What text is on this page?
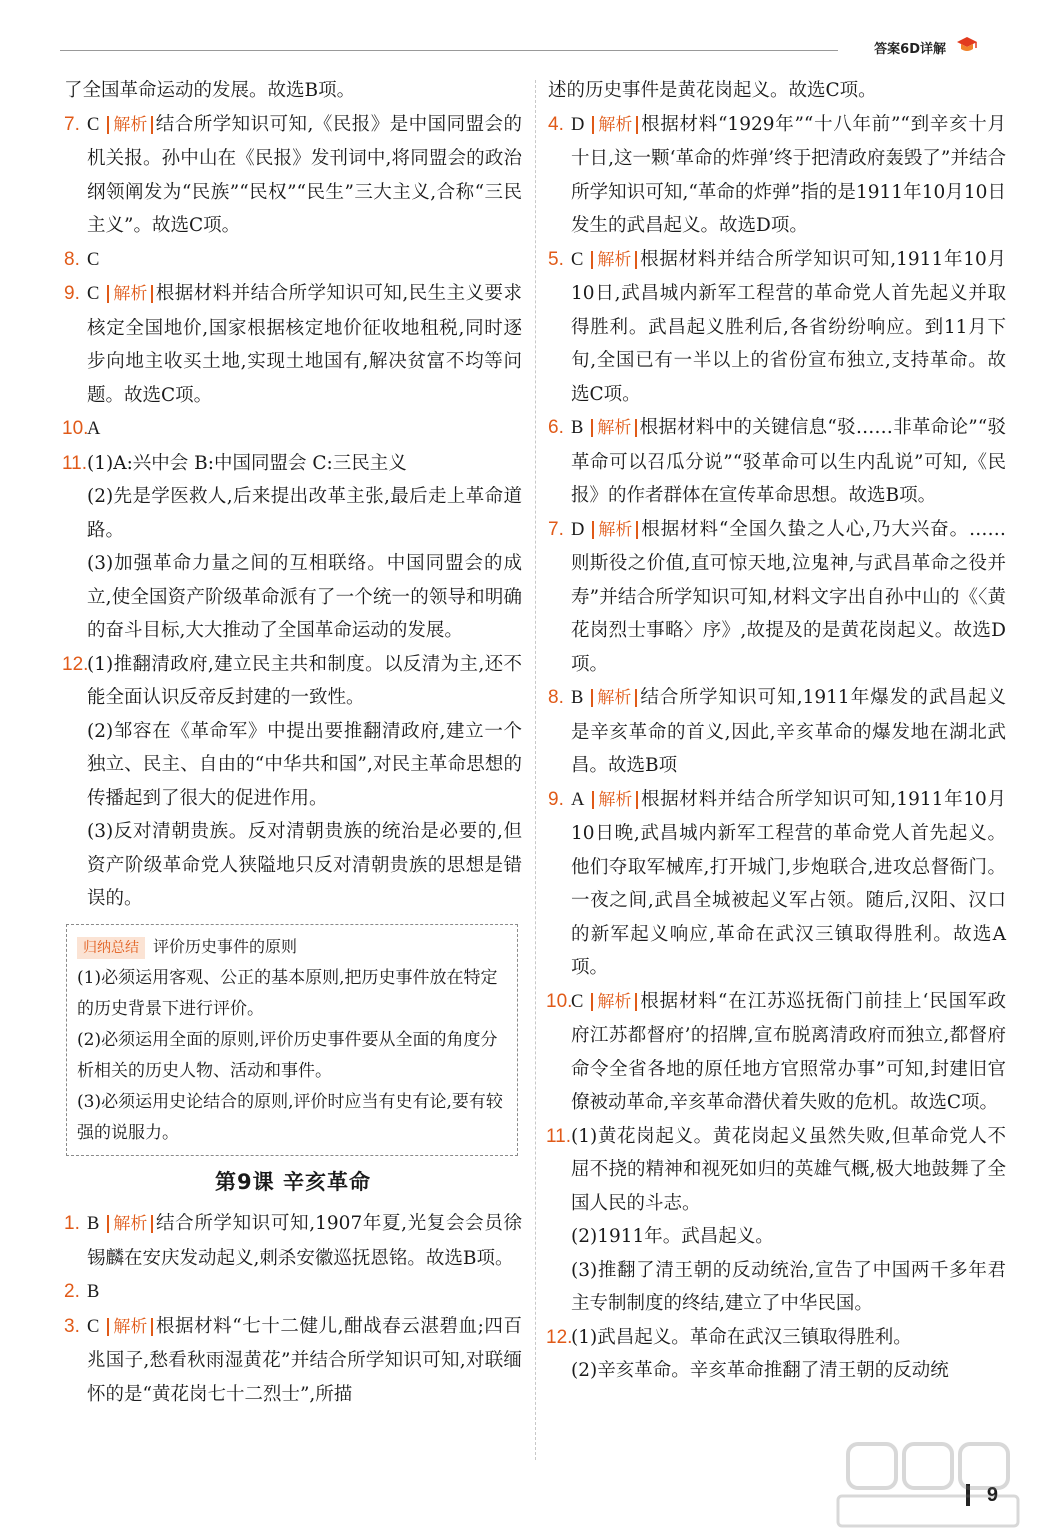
答案6D详解

了全国革命运动的发展。故选B项。

7. C 解析 结合所学知识可知,《民报》是中国同盟会的机关报。孙中山在《民报》发刊词中,将同盟会的政治纲领阐发为“民族”“民权”“民生”三大主义,合称“三民主义”。故选C项。

8. C

9. C 解析 根据材料并结合所学知识可知,民生主义要求核定全国地价,国家根据核定地价征收地租税,同时逐步向地主收买土地,实现土地国有,解决贫富不均等问题。故选C项。

10.
A

11. (1)A:兴中会 B:中国同盟会 C:三民主义
(2)先是学医救人,后来提出改革主张,最后走上革命道路。
(3)加强革命力量之间的互相联络。中国同盟会的成立,使全国资产阶级革命派有了一个统一的领导和明确的奋斗目标,大大推动了全国革命运动的发展。
12.
(1)推翻清政府,建立民主共和制度。以反清为主,还不能全面认识反帝反封建的一致性。
(2)邹容在《革命军》中提出要推翻清政府,建立一个独立、民主、自由的“中华共和国”,对民主革命思想的传播起到了很大的促进作用。
(3)反对清朝贵族。反对清朝贵族的统治是必要的,但资产阶级革命党人狭隘地只反对清朝贵族的思想是错误的。
归纳总结 评价历史事件的原则
(1)必须运用客观、公正的基本原则,把历史事件放在特定的历史背景下进行评价。
(2)必须运用全面的原则,评价历史事件要从全面的角度分析相关的历史人物、活动和事件。
(3)必须运用史论结合的原则,评价时应当有史有论,要有较强的说服力。
第9课 辛亥革命

1. B 解析 结合所学知识可知,1907年夏,光复会会员徐锡麟在安庆发动起义,刺杀安徽巡抚恩铭。故选B项。

2. B

3. C 解析 根据材料“七十二健儿,酣战春云湛碧血;四百兆国子,愁看秋雨湿黄花”并结合所学知识可知,对联缅怀的是“黄花岗七十二烈士”,所描

述的历史事件是黄花岗起义。故选C项。

4. D 解析 根据材料“1929年”“十八年前”“到辛亥十月十日,这一颗‘革命的炸弹’终于把清政府轰毁了”并结合所学知识可知,“革命的炸弹”指的是1911年10月10日发生的武昌起义。故选D项。

5. C 解析 根据材料并结合所学知识可知,1911年10月10日,武昌城内新军工程营的革命党人首先起义并取得胜利。武昌起义胜利后,各省纷纷响应。到11月下旬,全国已有一半以上的省份宣布独立,支持革命。故选C项。

6. B 解析 根据材料中的关键信息“驳……非革命论”“驳革命可以召瓜分说”“驳革命可以生内乱说”可知,《民报》的作者群体在宣传革命思想。故选B项。

7. D 解析 根据材料“全国久蛰之人心,乃大兴奋。……则斯役之价值,直可惊天地,泣鬼神,与武昌革命之役并寿”并结合所学知识可知,材料文字出自孙中山的《〈黄花岗烈士事略〉序》,故提及的是黄花岗起义。故选D项。

8. B 解析 结合所学知识可知,1911年爆发的武昌起义是辛亥革命的首义,因此,辛亥革命的爆发地在湖北武昌。故选B项

9. A 解析 根据材料并结合所学知识可知,1911年10月10日晚,武昌城内新军工程营的革命党人首先起义。他们夺取军械库,打开城门,步炮联合,进攻总督衙门。一夜之间,武昌全城被起义军占领。随后,汉阳、汉口的新军起义响应,革命在武汉三镇取得胜利。故选A项。

10.
C 解析 根据材料“在江苏巡抚衙门前挂上‘民国军政府江苏都督府’的招牌,宣布脱离清政府而独立,都督府命令全省各地的原任地方官照常办事”可知,封建旧官僚被动革命,辛亥革命潜伏着失败的危机。故选C项。

11. (1)黄花岗起义。黄花岗起义虽然失败,但革命党人不屈不挠的精神和视死如归的英雄气概,极大地鼓舞了全国人民的斗志。
(2)1911年。武昌起义。
(3)推翻了清王朝的反动统治,宣告了中国两千多年君主专制制度的终结,建立了中华民国。
12.
(1)武昌起义。革命在武汉三镇取得胜利。
(2)辛亥革命。辛亥革命推翻了清王朝的反动统
9
